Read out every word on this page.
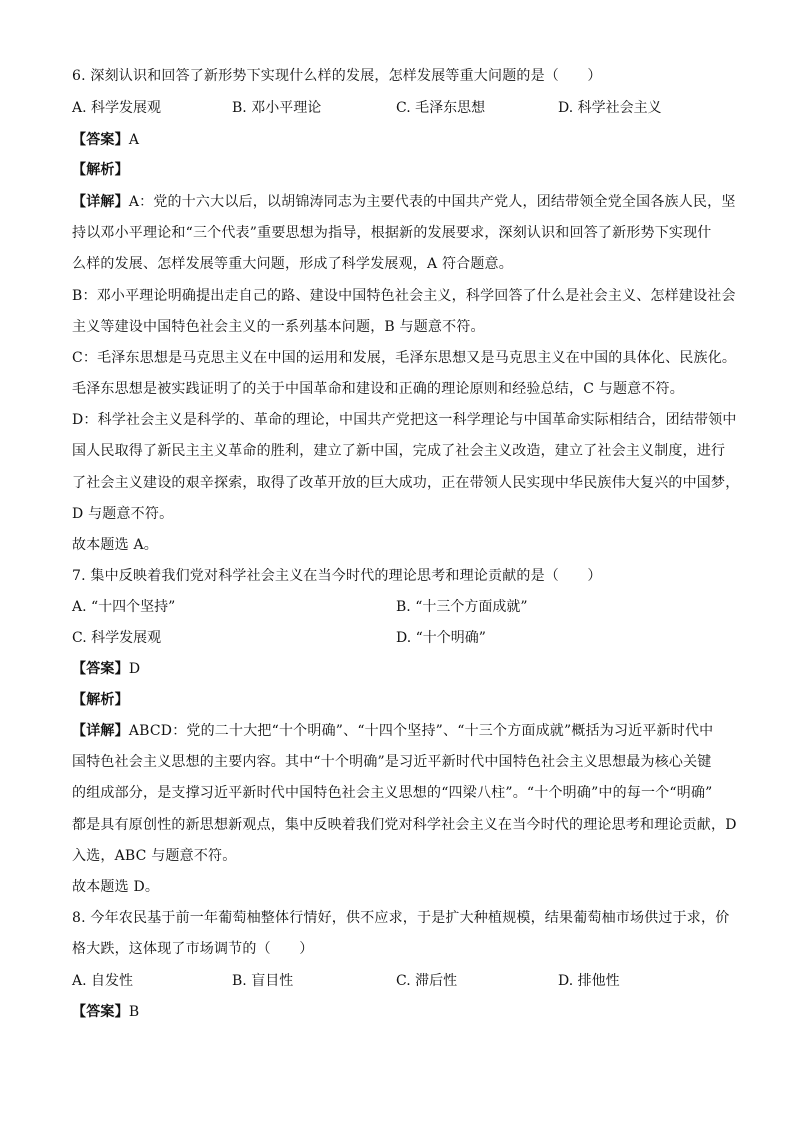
6. 深刻认识和回答了新形势下实现什么样的发展，怎样发展等重大问题的是（　　）
A. 科学发展观	B. 邓小平理论	C. 毛泽东思想	D. 科学社会主义
【答案】A
【解析】
【详解】A：党的十六大以后，以胡锦涛同志为主要代表的中国共产党人，团结带领全党全国各族人民，坚
持以邓小平理论和“三个代表”重要思想为指导，根据新的发展要求，深刻认识和回答了新形势下实现什
么样的发展、怎样发展等重大问题，形成了科学发展观，A 符合题意。
B：邓小平理论明确提出走自己的路、建设中国特色社会主义，科学回答了什么是社会主义、怎样建设社会
主义等建设中国特色社会主义的一系列基本问题，B 与题意不符。
C：毛泽东思想是马克思主义在中国的运用和发展，毛泽东思想又是马克思主义在中国的具体化、民族化。
毛泽东思想是被实践证明了的关于中国革命和建设和正确的理论原则和经验总结，C 与题意不符。
D：科学社会主义是科学的、革命的理论，中国共产党把这一科学理论与中国革命实际相结合，团结带领中
国人民取得了新民主主义革命的胜利，建立了新中国，完成了社会主义改造，建立了社会主义制度，进行
了社会主义建设的艰辛探索，取得了改革开放的巨大成功，正在带领人民实现中华民族伟大复兴的中国梦，
D 与题意不符。
故本题选 A。
7. 集中反映着我们党对科学社会主义在当今时代的理论思考和理论贡献的是（　　）
A. “十四个坚持”	B. “十三个方面成就”
C. 科学发展观	D. “十个明确”
【答案】D
【解析】
【详解】ABCD：党的二十大把“十个明确”、“十四个坚持”、“十三个方面成就”概括为习近平新时代中
国特色社会主义思想的主要内容。其中“十个明确”是习近平新时代中国特色社会主义思想最为核心关键
的组成部分，是支撑习近平新时代中国特色社会主义思想的“四梁八柱”。“十个明确”中的每一个“明确”
都是具有原创性的新思想新观点，集中反映着我们党对科学社会主义在当今时代的理论思考和理论贡献，D
入选，ABC 与题意不符。
故本题选 D。
8. 今年农民基于前一年葡萄柚整体行情好，供不应求，于是扩大种植规模，结果葡萄柚市场供过于求，价
格大跌，这体现了市场调节的（　　）
A. 自发性	B. 盲目性	C. 滞后性	D. 排他性
【答案】B
